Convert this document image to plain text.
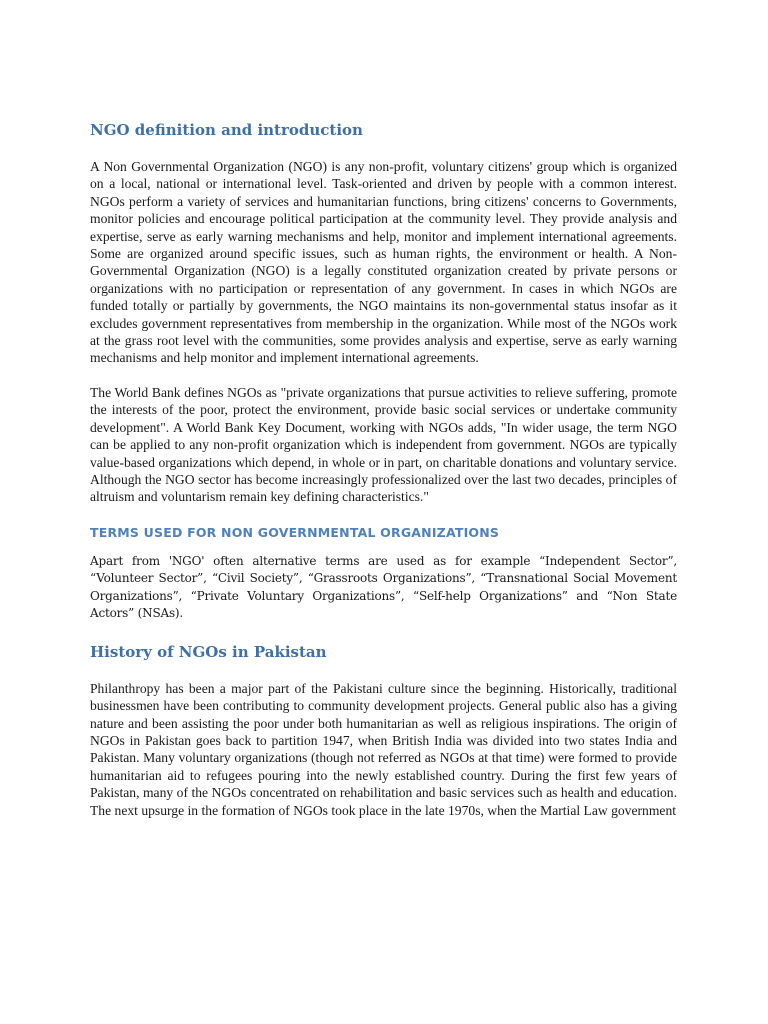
NGO definition and introduction

A Non Governmental Organization (NGO) is any non-profit, voluntary citizens' group which is organized on a local, national or international level. Task-oriented and driven by people with a common interest. NGOs perform a variety of services and humanitarian functions, bring citizens' concerns to Governments, monitor policies and encourage political participation at the community level. They provide analysis and expertise, serve as early warning mechanisms and help, monitor and implement international agreements. Some are organized around specific issues, such as human rights, the environment or health. A Non-Governmental Organization (NGO) is a legally constituted organization created by private persons or organizations with no participation or representation of any government. In cases in which NGOs are funded totally or partially by governments, the NGO maintains its non-governmental status insofar as it excludes government representatives from membership in the organization. While most of the NGOs work at the grass root level with the communities, some provides analysis and expertise, serve as early warning mechanisms and help monitor and implement international agreements.

The World Bank defines NGOs as "private organizations that pursue activities to relieve suffering, promote the interests of the poor, protect the environment, provide basic social services or undertake community development". A World Bank Key Document, working with NGOs adds, "In wider usage, the term NGO can be applied to any non-profit organization which is independent from government. NGOs are typically value-based organizations which depend, in whole or in part, on charitable donations and voluntary service. Although the NGO sector has become increasingly professionalized over the last two decades, principles of altruism and voluntarism remain key defining characteristics."

TERMS USED FOR NON GOVERNMENTAL ORGANIZATIONS

Apart from 'NGO' often alternative terms are used as for example “Independent Sector”, “Volunteer Sector”, “Civil Society”, “Grassroots Organizations”, “Transnational Social Movement Organizations”, “Private Voluntary Organizations”, “Self-help Organizations” and “Non State Actors” (NSAs).

History of NGOs in Pakistan

Philanthropy has been a major part of the Pakistani culture since the beginning. Historically, traditional businessmen have been contributing to community development projects. General public also has a giving nature and been assisting the poor under both humanitarian as well as religious inspirations. The origin of NGOs in Pakistan goes back to partition 1947, when British India was divided into two states India and Pakistan. Many voluntary organizations (though not referred as NGOs at that time) were formed to provide humanitarian aid to refugees pouring into the newly established country. During the first few years of Pakistan, many of the NGOs concentrated on rehabilitation and basic services such as health and education. The next upsurge in the formation of NGOs took place in the late 1970s, when the Martial Law government
